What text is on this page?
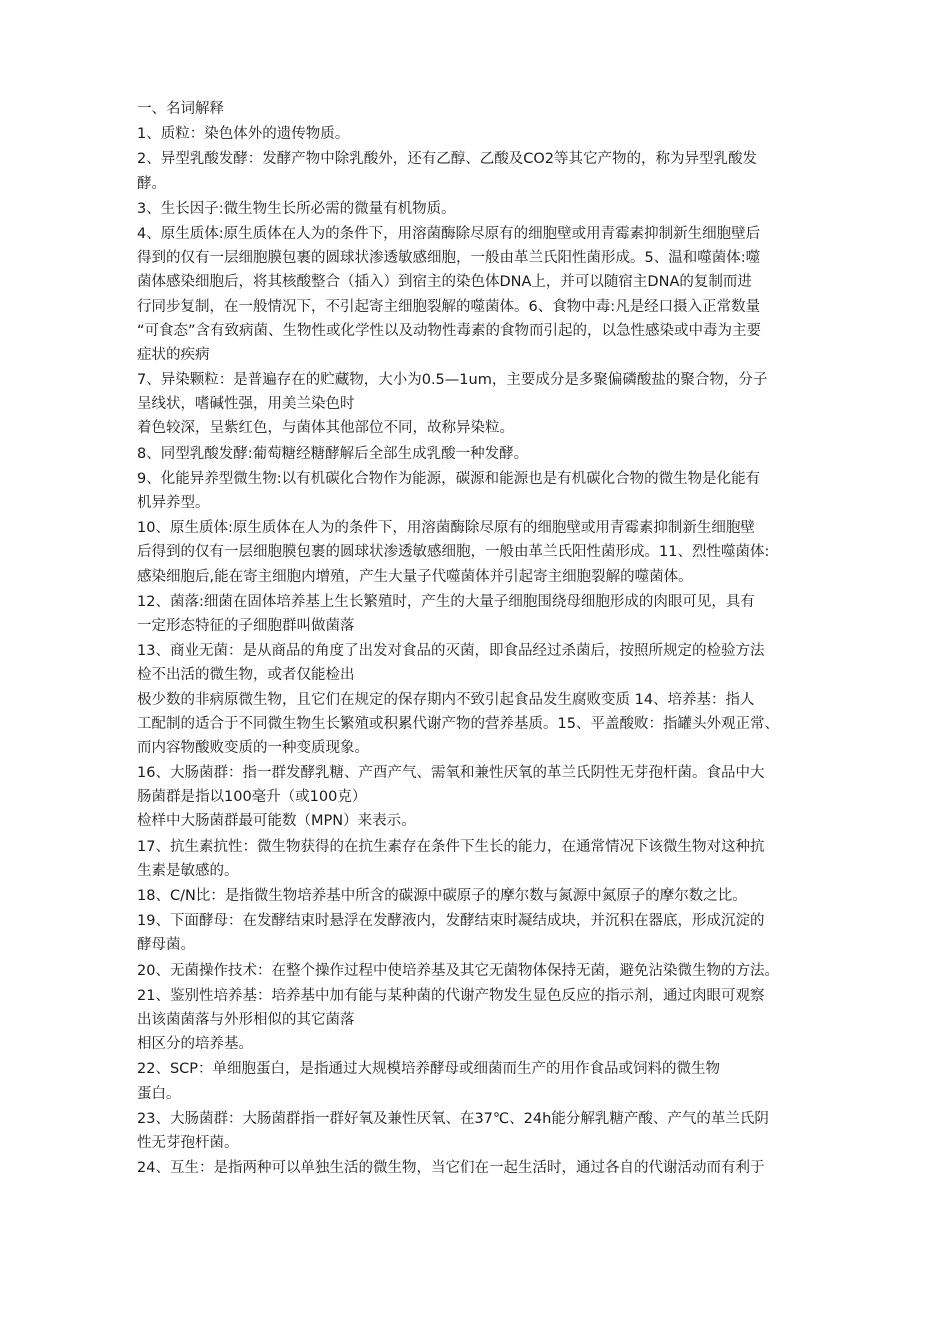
一、名词解释
1、质粒：染色体外的遗传物质。
2、异型乳酸发酵：发酵产物中除乳酸外，还有乙醇、乙酸及CO2等其它产物的，称为异型乳酸发
酵。
3、生长因子:微生物生长所必需的微量有机物质。
4、原生质体:原生质体在人为的条件下，用溶菌酶除尽原有的细胞壁或用青霉素抑制新生细胞壁后
得到的仅有一层细胞膜包裹的圆球状渗透敏感细胞，一般由革兰氏阳性菌形成。5、温和噬菌体:噬
菌体感染细胞后，将其核酸整合（插入）到宿主的染色体DNA上，并可以随宿主DNA的复制而进
行同步复制，在一般情况下，不引起寄主细胞裂解的噬菌体。6、食物中毒:凡是经口摄入正常数量
“可食态”含有致病菌、生物性或化学性以及动物性毒素的食物而引起的，以急性感染或中毒为主要
症状的疾病
7、异染颗粒：是普遍存在的贮藏物，大小为0.5—1um，主要成分是多聚偏磷酸盐的聚合物，分子
呈线状，嗜碱性强，用美兰染色时
着色较深，呈紫红色，与菌体其他部位不同，故称异染粒。
8、同型乳酸发酵:葡萄糖经糖酵解后全部生成乳酸一种发酵。
9、化能异养型微生物:以有机碳化合物作为能源，碳源和能源也是有机碳化合物的微生物是化能有
机异养型。
10、原生质体:原生质体在人为的条件下，用溶菌酶除尽原有的细胞壁或用青霉素抑制新生细胞壁
后得到的仅有一层细胞膜包裹的圆球状渗透敏感细胞，一般由革兰氏阳性菌形成。11、烈性噬菌体:
感染细胞后,能在寄主细胞内增殖，产生大量子代噬菌体并引起寄主细胞裂解的噬菌体。
12、菌落:细菌在固体培养基上生长繁殖时，产生的大量子细胞围绕母细胞形成的肉眼可见，具有
一定形态特征的子细胞群叫做菌落
13、商业无菌：是从商品的角度了出发对食品的灭菌，即食品经过杀菌后，按照所规定的检验方法
检不出活的微生物，或者仅能检出
极少数的非病原微生物，且它们在规定的保存期内不致引起食品发生腐败变质 14、培养基：指人
工配制的适合于不同微生物生长繁殖或积累代谢产物的营养基质。15、平盖酸败：指罐头外观正常、
而内容物酸败变质的一种变质现象。
16、大肠菌群：指一群发酵乳糖、产酉产气、需氧和兼性厌氧的革兰氏阴性无芽孢杆菌。食品中大
肠菌群是指以100毫升（或100克）
检样中大肠菌群最可能数（MPN）来表示。
17、抗生素抗性：微生物获得的在抗生素存在条件下生长的能力，在通常情况下该微生物对这种抗
生素是敏感的。
18、C/N比：是指微生物培养基中所含的碳源中碳原子的摩尔数与氮源中氮原子的摩尔数之比。
19、下面酵母：在发酵结束时悬浮在发酵液内，发酵结束时凝结成块，并沉积在器底，形成沉淀的
酵母菌。
20、无菌操作技术：在整个操作过程中使培养基及其它无菌物体保持无菌，避免沾染微生物的方法。
21、鉴别性培养基：培养基中加有能与某种菌的代谢产物发生显色反应的指示剂，通过肉眼可观察
出该菌菌落与外形相似的其它菌落
相区分的培养基。
22、SCP：单细胞蛋白，是指通过大规模培养酵母或细菌而生产的用作食品或饲料的微生物
蛋白。
23、大肠菌群：大肠菌群指一群好氧及兼性厌氧、在37℃、24h能分解乳糖产酸、产气的革兰氏阴
性无芽孢杆菌。
24、互生：是指两种可以单独生活的微生物，当它们在一起生活时，通过各自的代谢活动而有利于
